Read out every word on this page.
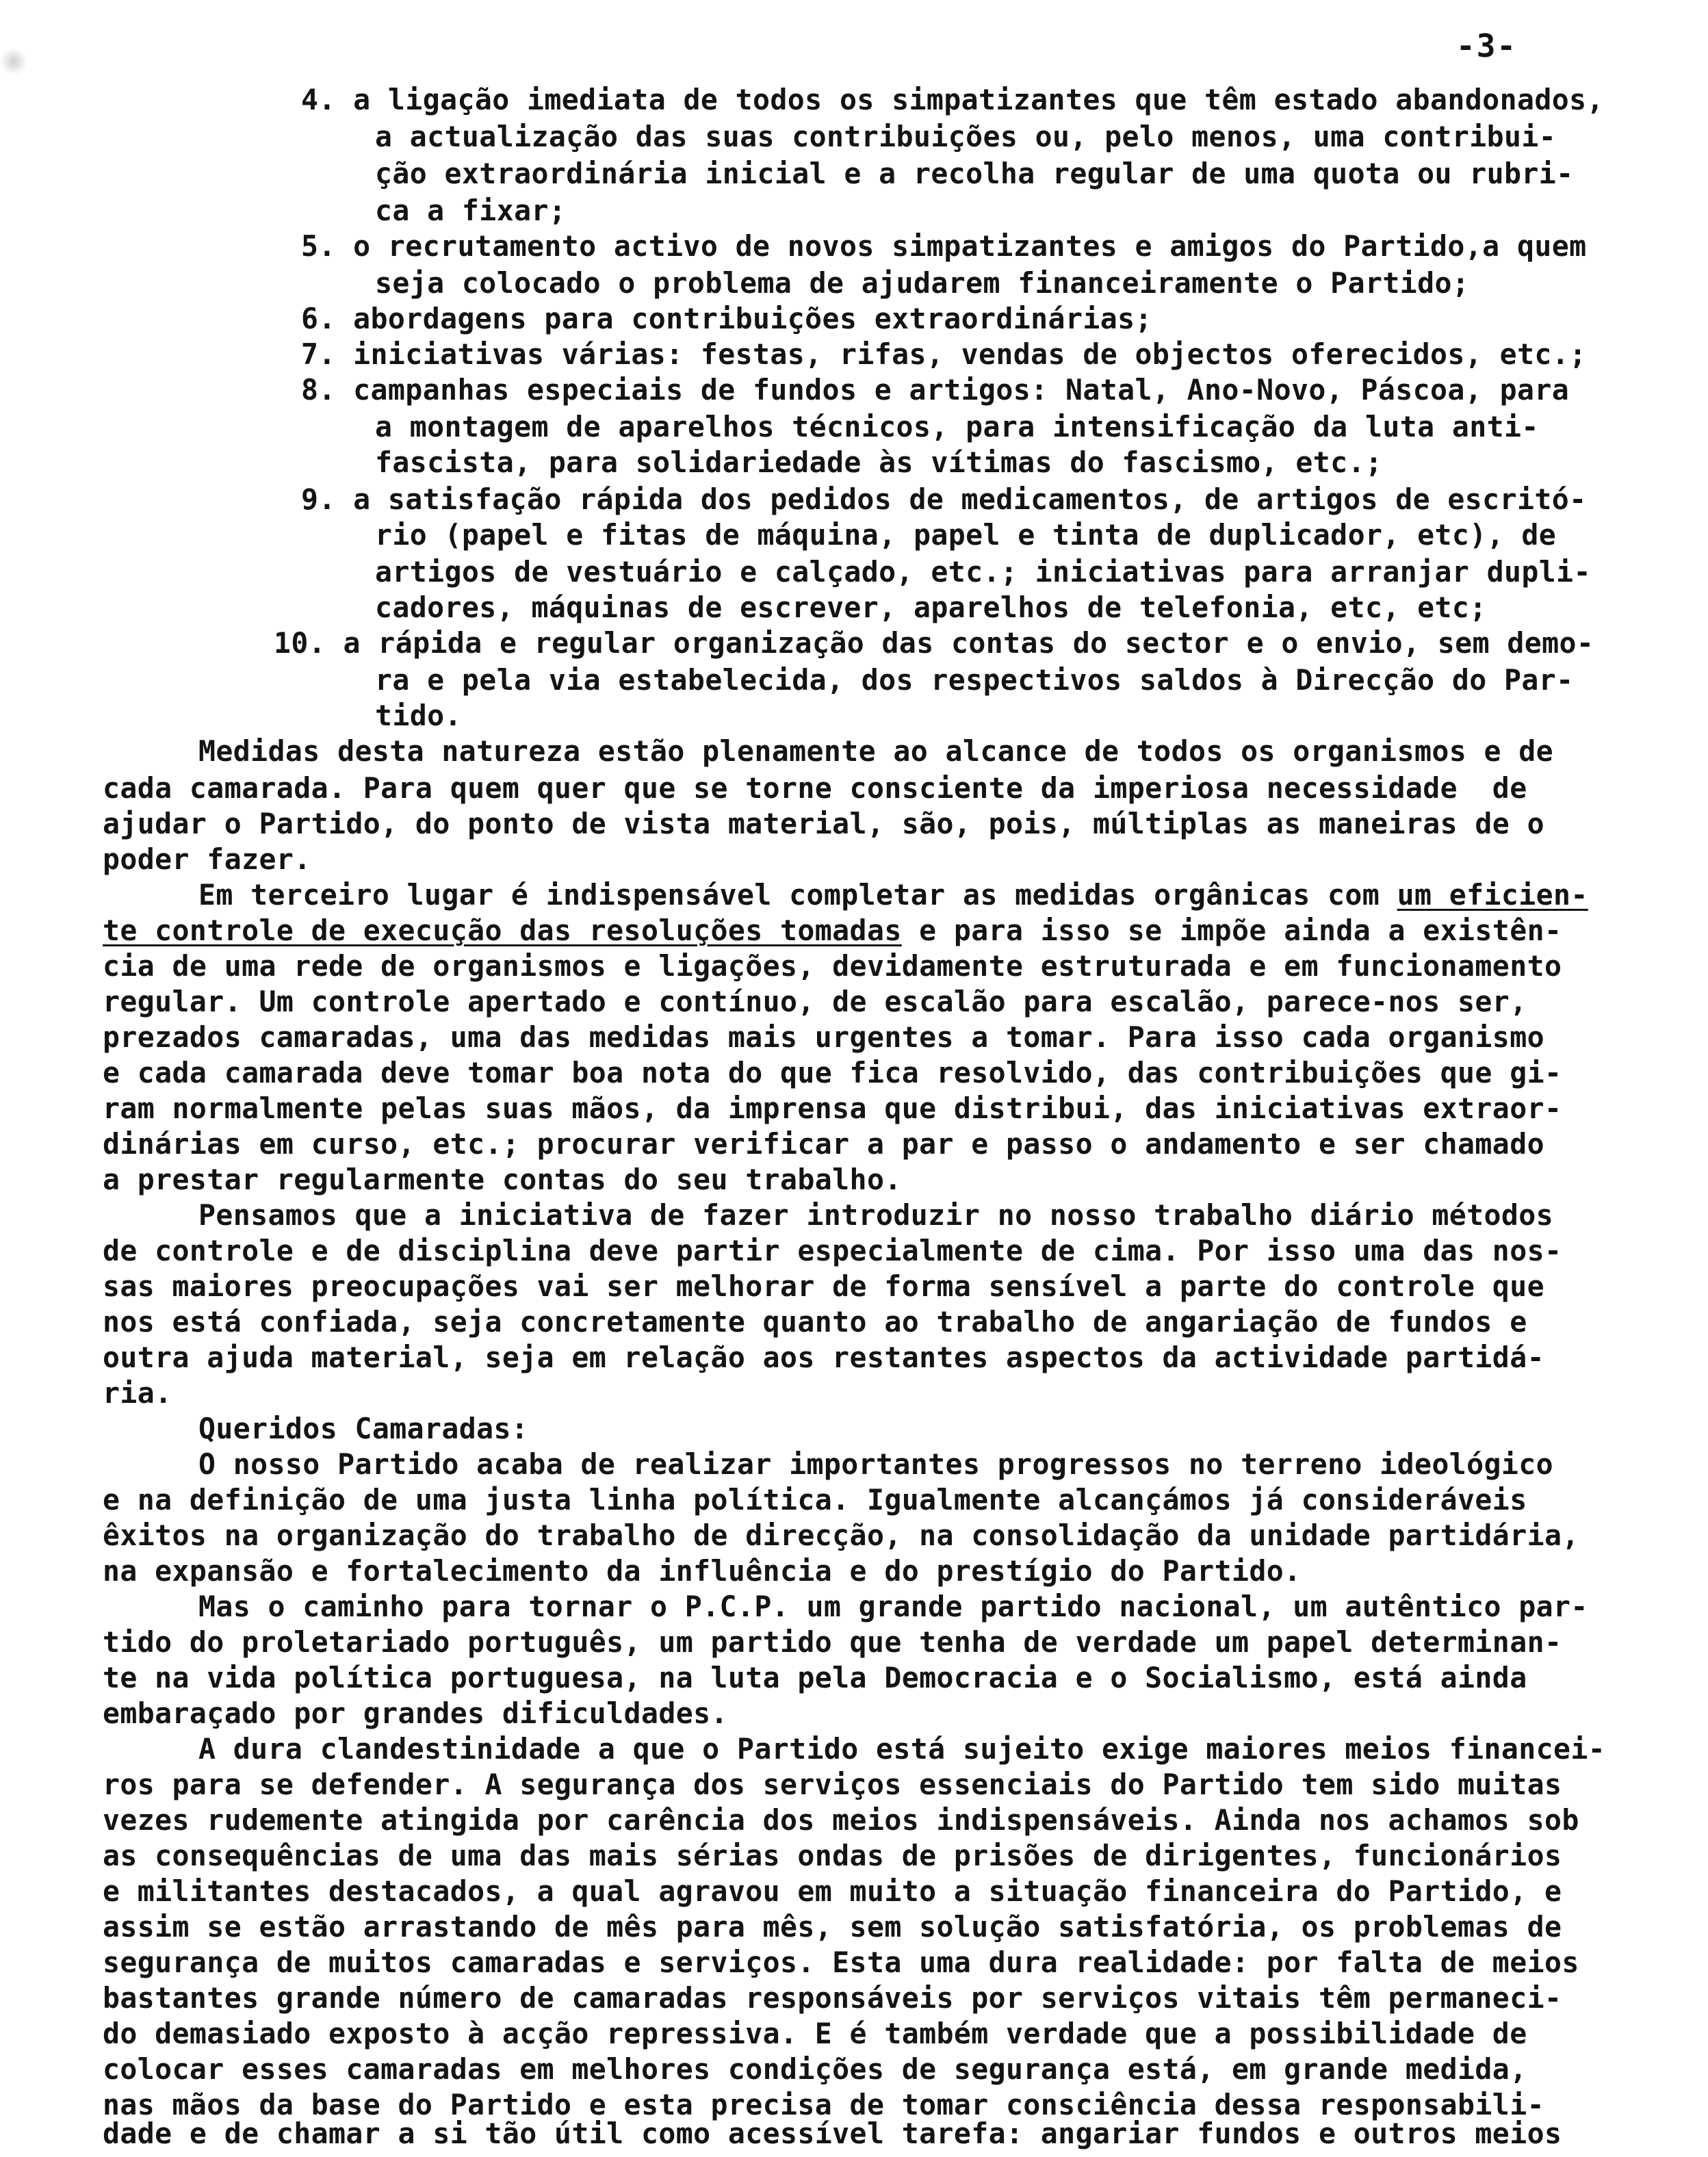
-3-
4. a ligação imediata de todos os simpatizantes que têm estado abandonados,
a actualização das suas contribuições ou, pelo menos, uma contribui-
ção extraordinária inicial e a recolha regular de uma quota ou rubri-
ca a fixar;
5. o recrutamento activo de novos simpatizantes e amigos do Partido,a quem
seja colocado o problema de ajudarem financeiramente o Partido;
6. abordagens para contribuições extraordinárias;
7. iniciativas várias: festas, rifas, vendas de objectos oferecidos, etc.;
8. campanhas especiais de fundos e artigos: Natal, Ano-Novo, Páscoa, para
a montagem de aparelhos técnicos, para intensificação da luta anti-
fascista, para solidariedade às vítimas do fascismo, etc.;
9. a satisfação rápida dos pedidos de medicamentos, de artigos de escritó-
rio (papel e fitas de máquina, papel e tinta de duplicador, etc), de
artigos de vestuário e calçado, etc.; iniciativas para arranjar dupli-
cadores, máquinas de escrever, aparelhos de telefonia, etc, etc;
10. a rápida e regular organização das contas do sector e o envio, sem demo-
ra e pela via estabelecida, dos respectivos saldos à Direcção do Par-
tido.
Medidas desta natureza estão plenamente ao alcance de todos os organismos e de
cada camarada. Para quem quer que se torne consciente da imperiosa necessidade  de
ajudar o Partido, do ponto de vista material, são, pois, múltiplas as maneiras de o
poder fazer.
Em terceiro lugar é indispensável completar as medidas orgânicas com um eficien-
te controle de execução das resoluções tomadas e para isso se impõe ainda a existên-
cia de uma rede de organismos e ligações, devidamente estruturada e em funcionamento
regular. Um controle apertado e contínuo, de escalão para escalão, parece-nos ser,
prezados camaradas, uma das medidas mais urgentes a tomar. Para isso cada organismo
e cada camarada deve tomar boa nota do que fica resolvido, das contribuições que gi-
ram normalmente pelas suas mãos, da imprensa que distribui, das iniciativas extraor-
dinárias em curso, etc.; procurar verificar a par e passo o andamento e ser chamado
a prestar regularmente contas do seu trabalho.
Pensamos que a iniciativa de fazer introduzir no nosso trabalho diário métodos
de controle e de disciplina deve partir especialmente de cima. Por isso uma das nos-
sas maiores preocupações vai ser melhorar de forma sensível a parte do controle que
nos está confiada, seja concretamente quanto ao trabalho de angariação de fundos e
outra ajuda material, seja em relação aos restantes aspectos da actividade partidá-
ria.
Queridos Camaradas:
O nosso Partido acaba de realizar importantes progressos no terreno ideológico
e na definição de uma justa linha política. Igualmente alcançámos já consideráveis
êxitos na organização do trabalho de direcção, na consolidação da unidade partidária,
na expansão e fortalecimento da influência e do prestígio do Partido.
Mas o caminho para tornar o P.C.P. um grande partido nacional, um autêntico par-
tido do proletariado português, um partido que tenha de verdade um papel determinan-
te na vida política portuguesa, na luta pela Democracia e o Socialismo, está ainda
embaraçado por grandes dificuldades.
A dura clandestinidade a que o Partido está sujeito exige maiores meios financei-
ros para se defender. A segurança dos serviços essenciais do Partido tem sido muitas
vezes rudemente atingida por carência dos meios indispensáveis. Ainda nos achamos sob
as consequências de uma das mais sérias ondas de prisões de dirigentes, funcionários
e militantes destacados, a qual agravou em muito a situação financeira do Partido, e
assim se estão arrastando de mês para mês, sem solução satisfatória, os problemas de
segurança de muitos camaradas e serviços. Esta uma dura realidade: por falta de meios
bastantes grande número de camaradas responsáveis por serviços vitais têm permaneci-
do demasiado exposto à acção repressiva. E é também verdade que a possibilidade de
colocar esses camaradas em melhores condições de segurança está, em grande medida,
nas mãos da base do Partido e esta precisa de tomar consciência dessa responsabili-
dade e de chamar a si tão útil como acessível tarefa: angariar fundos e outros meios
